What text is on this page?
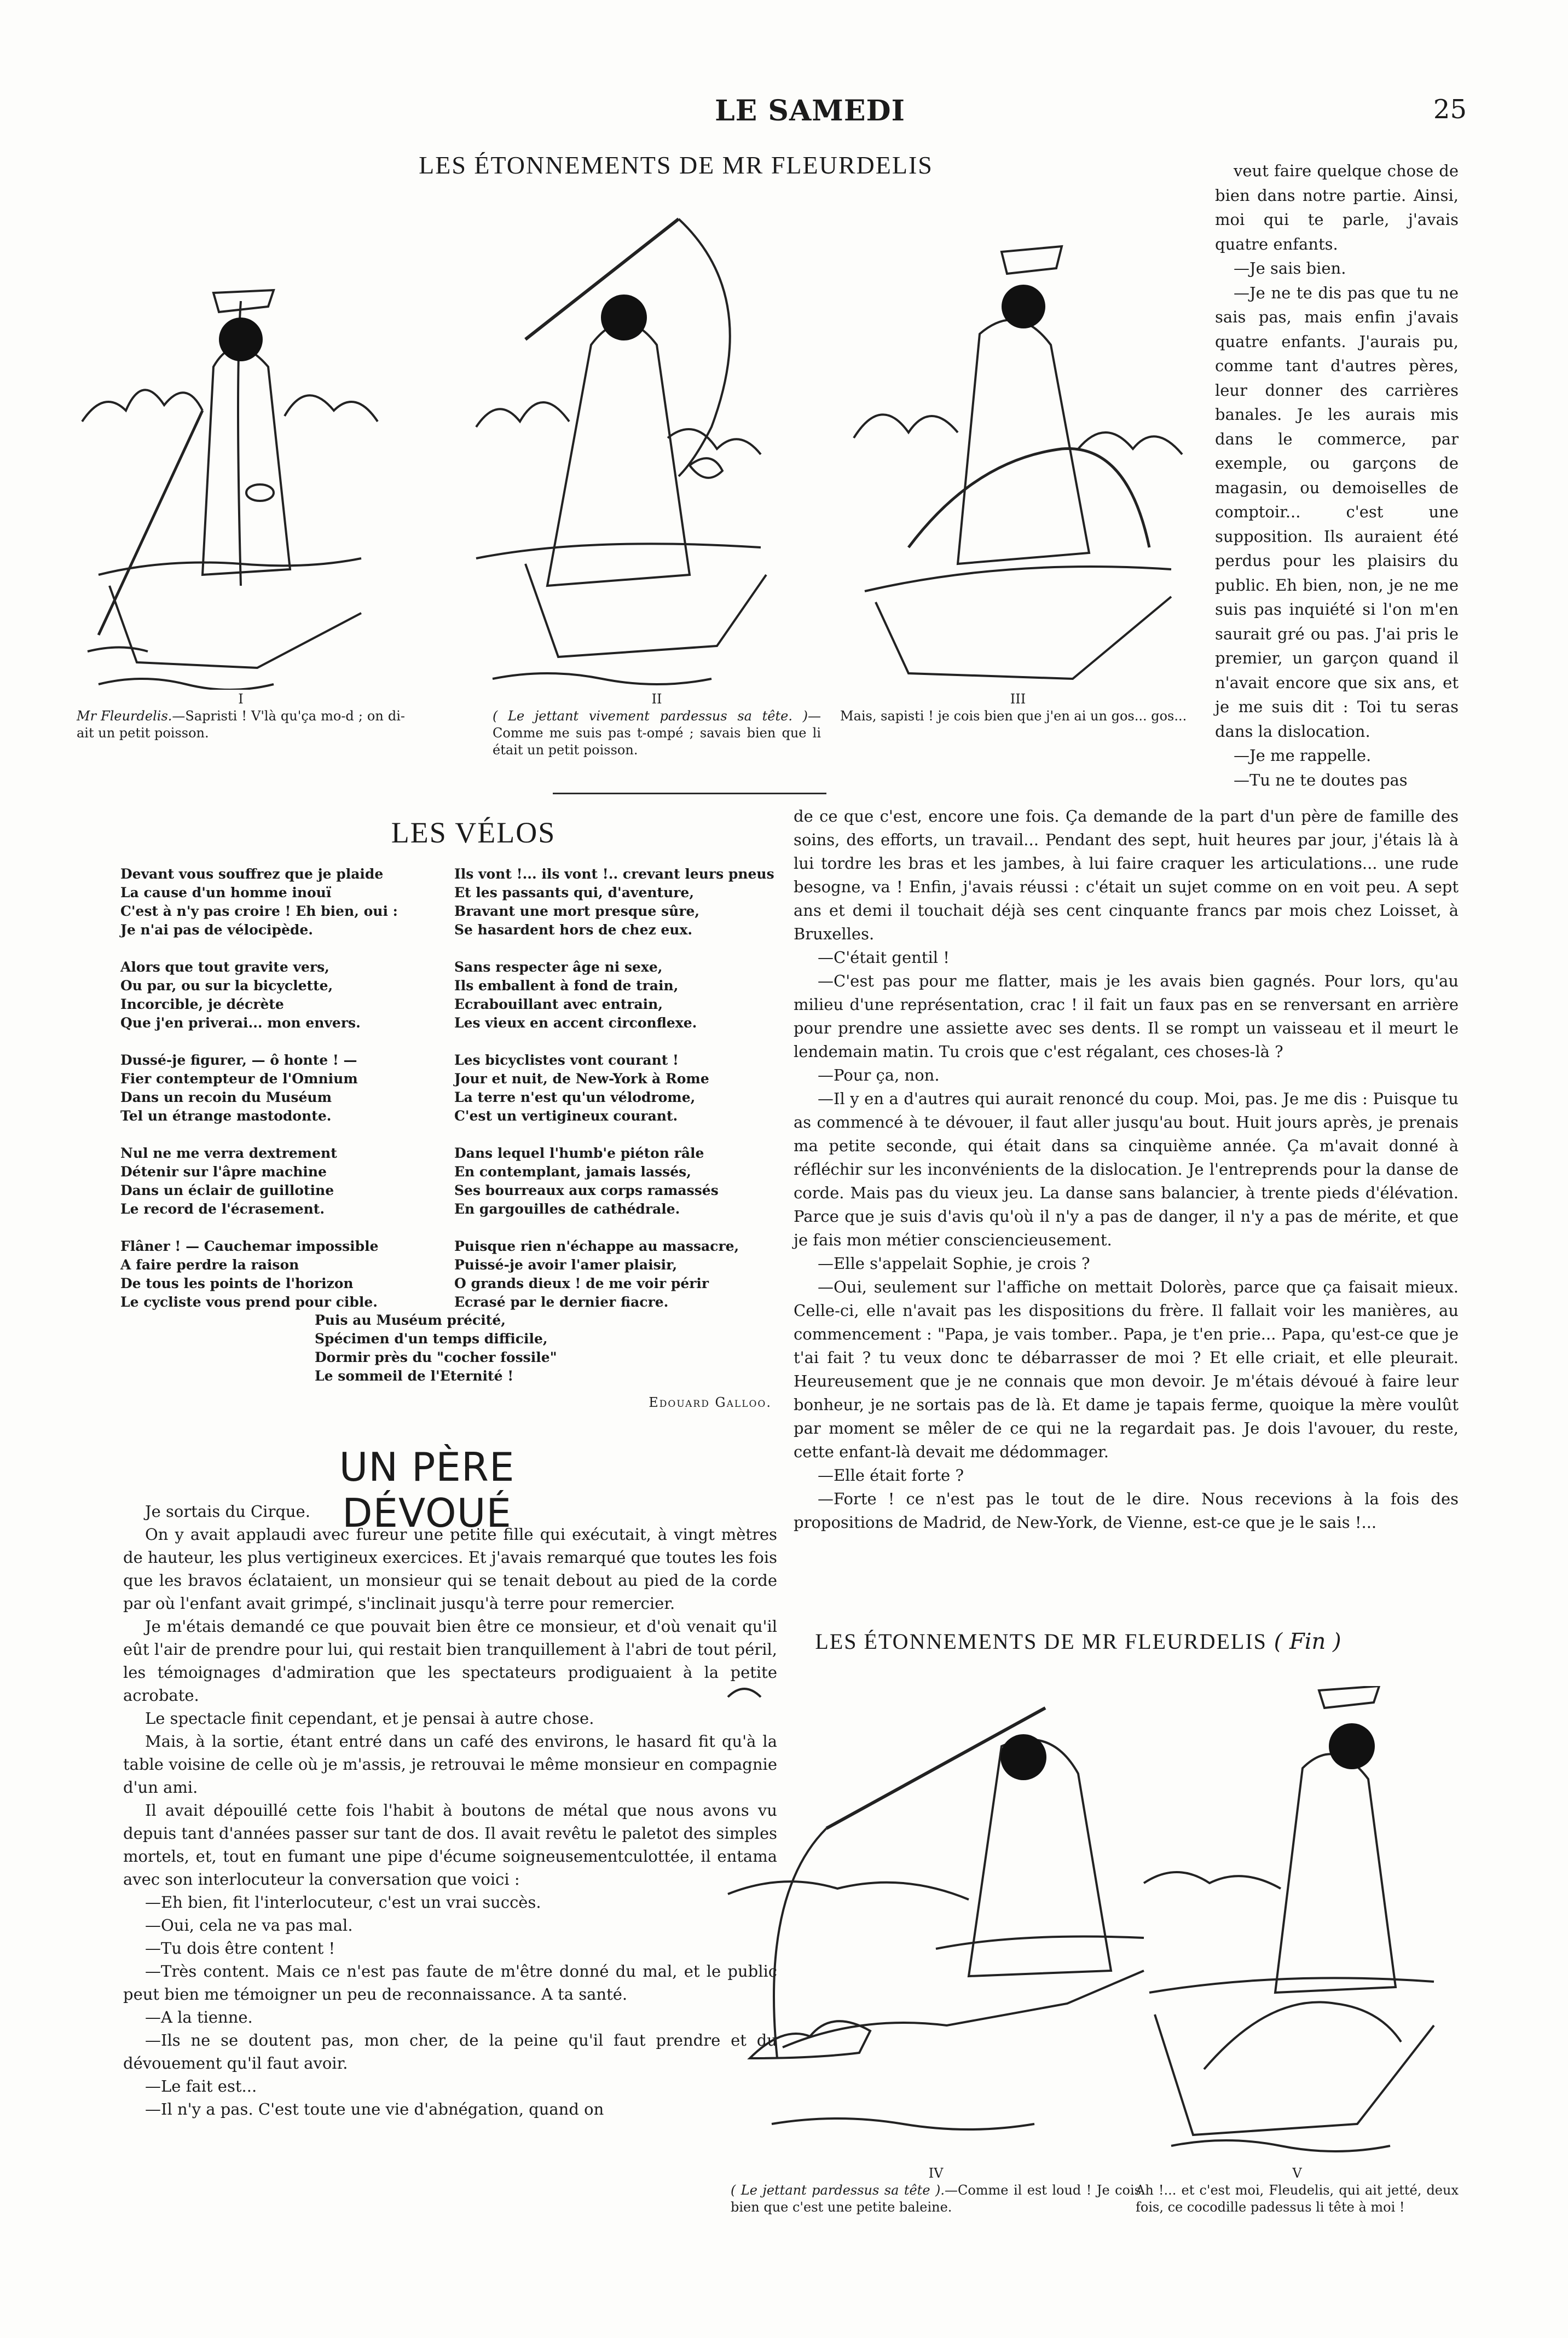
LE SAMEDI	25
LES ÉTONNEMENTS DE MR FLEURDELIS
I
Mr Fleurdelis.—Sapristi ! V'là qu'ça mo-d ; on di-ait un petit poisson.
II
( Le jettant vivement pardessus sa tête. )— Comme me suis pas t-ompé ; savais bien que li était un petit poisson.
III
Mais, sapisti ! je cois bien que j'en ai un gos... gos...

veut faire quelque chose de bien dans notre partie. Ainsi, moi qui te parle, j'avais quatre enfants.

—Je sais bien.

—Je ne te dis pas que tu ne sais pas, mais enfin j'avais quatre enfants. J'aurais pu, comme tant d'autres pères, leur donner des carrières banales. Je les aurais mis dans le commerce, par exemple, ou garçons de magasin, ou demoiselles de comptoir... c'est une supposition. Ils auraient été perdus pour les plaisirs du public. Eh bien, non, je ne me suis pas inquiété si l'on m'en saurait gré ou pas. J'ai pris le premier, un garçon quand il n'avait encore que six ans, et je me suis dit : Toi tu seras dans la dislocation.

—Je me rappelle.

—Tu ne te doutes pas

LES VÉLOS
Devant vous souffrez que je plaide
La cause d'un homme inouï
C'est à n'y pas croire ! Eh bien, oui :
Je n'ai pas de vélocipède.
Alors que tout gravite vers,
Ou par, ou sur la bicyclette,
Incorcible, je décrète
Que j'en priverai... mon envers.
Dussé-je figurer, — ô honte ! —
Fier contempteur de l'Omnium
Dans un recoin du Muséum
Tel un étrange mastodonte.
Nul ne me verra dextrement
Détenir sur l'âpre machine
Dans un éclair de guillotine
Le record de l'écrasement.
Flâner ! — Cauchemar impossible
A faire perdre la raison
De tous les points de l'horizon
Le cycliste vous prend pour cible.
Ils vont !... ils vont !.. crevant leurs pneus
Et les passants qui, d'aventure,
Bravant une mort presque sûre,
Se hasardent hors de chez eux.
Sans respecter âge ni sexe,
Ils emballent à fond de train,
Ecrabouillant avec entrain,
Les vieux en accent circonflexe.
Les bicyclistes vont courant !
Jour et nuit, de New-York à Rome
La terre n'est qu'un vélodrome,
C'est un vertigineux courant.
Dans lequel l'humb'e piéton râle
En contemplant, jamais lassés,
Ses bourreaux aux corps ramassés
En gargouilles de cathédrale.
Puisque rien n'échappe au massacre,
Puissé-je avoir l'amer plaisir,
O grands dieux ! de me voir périr
Ecrasé par le dernier fiacre.
Puis au Muséum précité,
Spécimen d'un temps difficile,
Dormir près du "cocher fossile"
Le sommeil de l'Eternité !
Edouard Galloo.
UN PÈRE DÉVOUÉ

Je sortais du Cirque.

On y avait applaudi avec fureur une petite fille qui exécutait, à vingt mètres de hauteur, les plus vertigineux exercices. Et j'avais remarqué que toutes les fois que les bravos éclataient, un monsieur qui se tenait debout au pied de la corde par où l'enfant avait grimpé, s'inclinait jusqu'à terre pour remercier.

Je m'étais demandé ce que pouvait bien être ce monsieur, et d'où venait qu'il eût l'air de prendre pour lui, qui restait bien tranquillement à l'abri de tout péril, les témoignages d'admiration que les spectateurs prodiguaient à la petite acrobate.

Le spectacle finit cependant, et je pensai à autre chose.

Mais, à la sortie, étant entré dans un café des environs, le hasard fit qu'à la table voisine de celle où je m'assis, je retrouvai le même monsieur en compagnie d'un ami.

Il avait dépouillé cette fois l'habit à boutons de métal que nous avons vu depuis tant d'années passer sur tant de dos. Il avait revêtu le paletot des simples mortels, et, tout en fumant une pipe d'écume soigneusementculottée, il entama avec son interlocuteur la conversation que voici :

—Eh bien, fit l'interlocuteur, c'est un vrai succès.

—Oui, cela ne va pas mal.

—Tu dois être content !

—Très content. Mais ce n'est pas faute de m'être donné du mal, et le public peut bien me témoigner un peu de reconnaissance. A ta santé.

—A la tienne.

—Ils ne se doutent pas, mon cher, de la peine qu'il faut prendre et du dévouement qu'il faut avoir.

—Le fait est...

—Il n'y a pas. C'est toute une vie d'abnégation, quand on

de ce que c'est, encore une fois. Ça demande de la part d'un père de famille des soins, des efforts, un travail... Pendant des sept, huit heures par jour, j'étais là à lui tordre les bras et les jambes, à lui faire craquer les articulations... une rude besogne, va ! Enfin, j'avais réussi : c'était un sujet comme on en voit peu. A sept ans et demi il touchait déjà ses cent cinquante francs par mois chez Loisset, à Bruxelles.

—C'était gentil !

—C'est pas pour me flatter, mais je les avais bien gagnés. Pour lors, qu'au milieu d'une représentation, crac ! il fait un faux pas en se renversant en arrière pour prendre une assiette avec ses dents. Il se rompt un vaisseau et il meurt le lendemain matin. Tu crois que c'est régalant, ces choses-là ?

—Pour ça, non.

—Il y en a d'autres qui aurait renoncé du coup. Moi, pas. Je me dis : Puisque tu as commencé à te dévouer, il faut aller jusqu'au bout. Huit jours après, je prenais ma petite seconde, qui était dans sa cinquième année. Ça m'avait donné à réfléchir sur les inconvénients de la dislocation. Je l'entreprends pour la danse de corde. Mais pas du vieux jeu. La danse sans balancier, à trente pieds d'élévation. Parce que je suis d'avis qu'où il n'y a pas de danger, il n'y a pas de mérite, et que je fais mon métier consciencieusement.

—Elle s'appelait Sophie, je crois ?

—Oui, seulement sur l'affiche on mettait Dolorès, parce que ça faisait mieux. Celle-ci, elle n'avait pas les dispositions du frère. Il fallait voir les manières, au commencement : "Papa, je vais tomber.. Papa, je t'en prie... Papa, qu'est-ce que je t'ai fait ? tu veux donc te débarrasser de moi ? Et elle criait, et elle pleurait. Heureusement que je ne connais que mon devoir. Je m'étais dévoué à faire leur bonheur, je ne sortais pas de là. Et dame je tapais ferme, quoique la mère voulût par moment se mêler de ce qui ne la regardait pas. Je dois l'avouer, du reste, cette enfant-là devait me dédommager.

—Elle était forte ?

—Forte ! ce n'est pas le tout de le dire. Nous recevions à la fois des propositions de Madrid, de New-York, de Vienne, est-ce que je le sais !...

LES ÉTONNEMENTS DE MR FLEURDELIS ( Fin )
IV
( Le jettant pardessus sa tête ).—Comme il est loud ! Je cois bien que c'est une petite baleine.
V
Ah !... et c'est moi, Fleudelis, qui ait jetté, deux fois, ce cocodille padessus li tête à moi !
